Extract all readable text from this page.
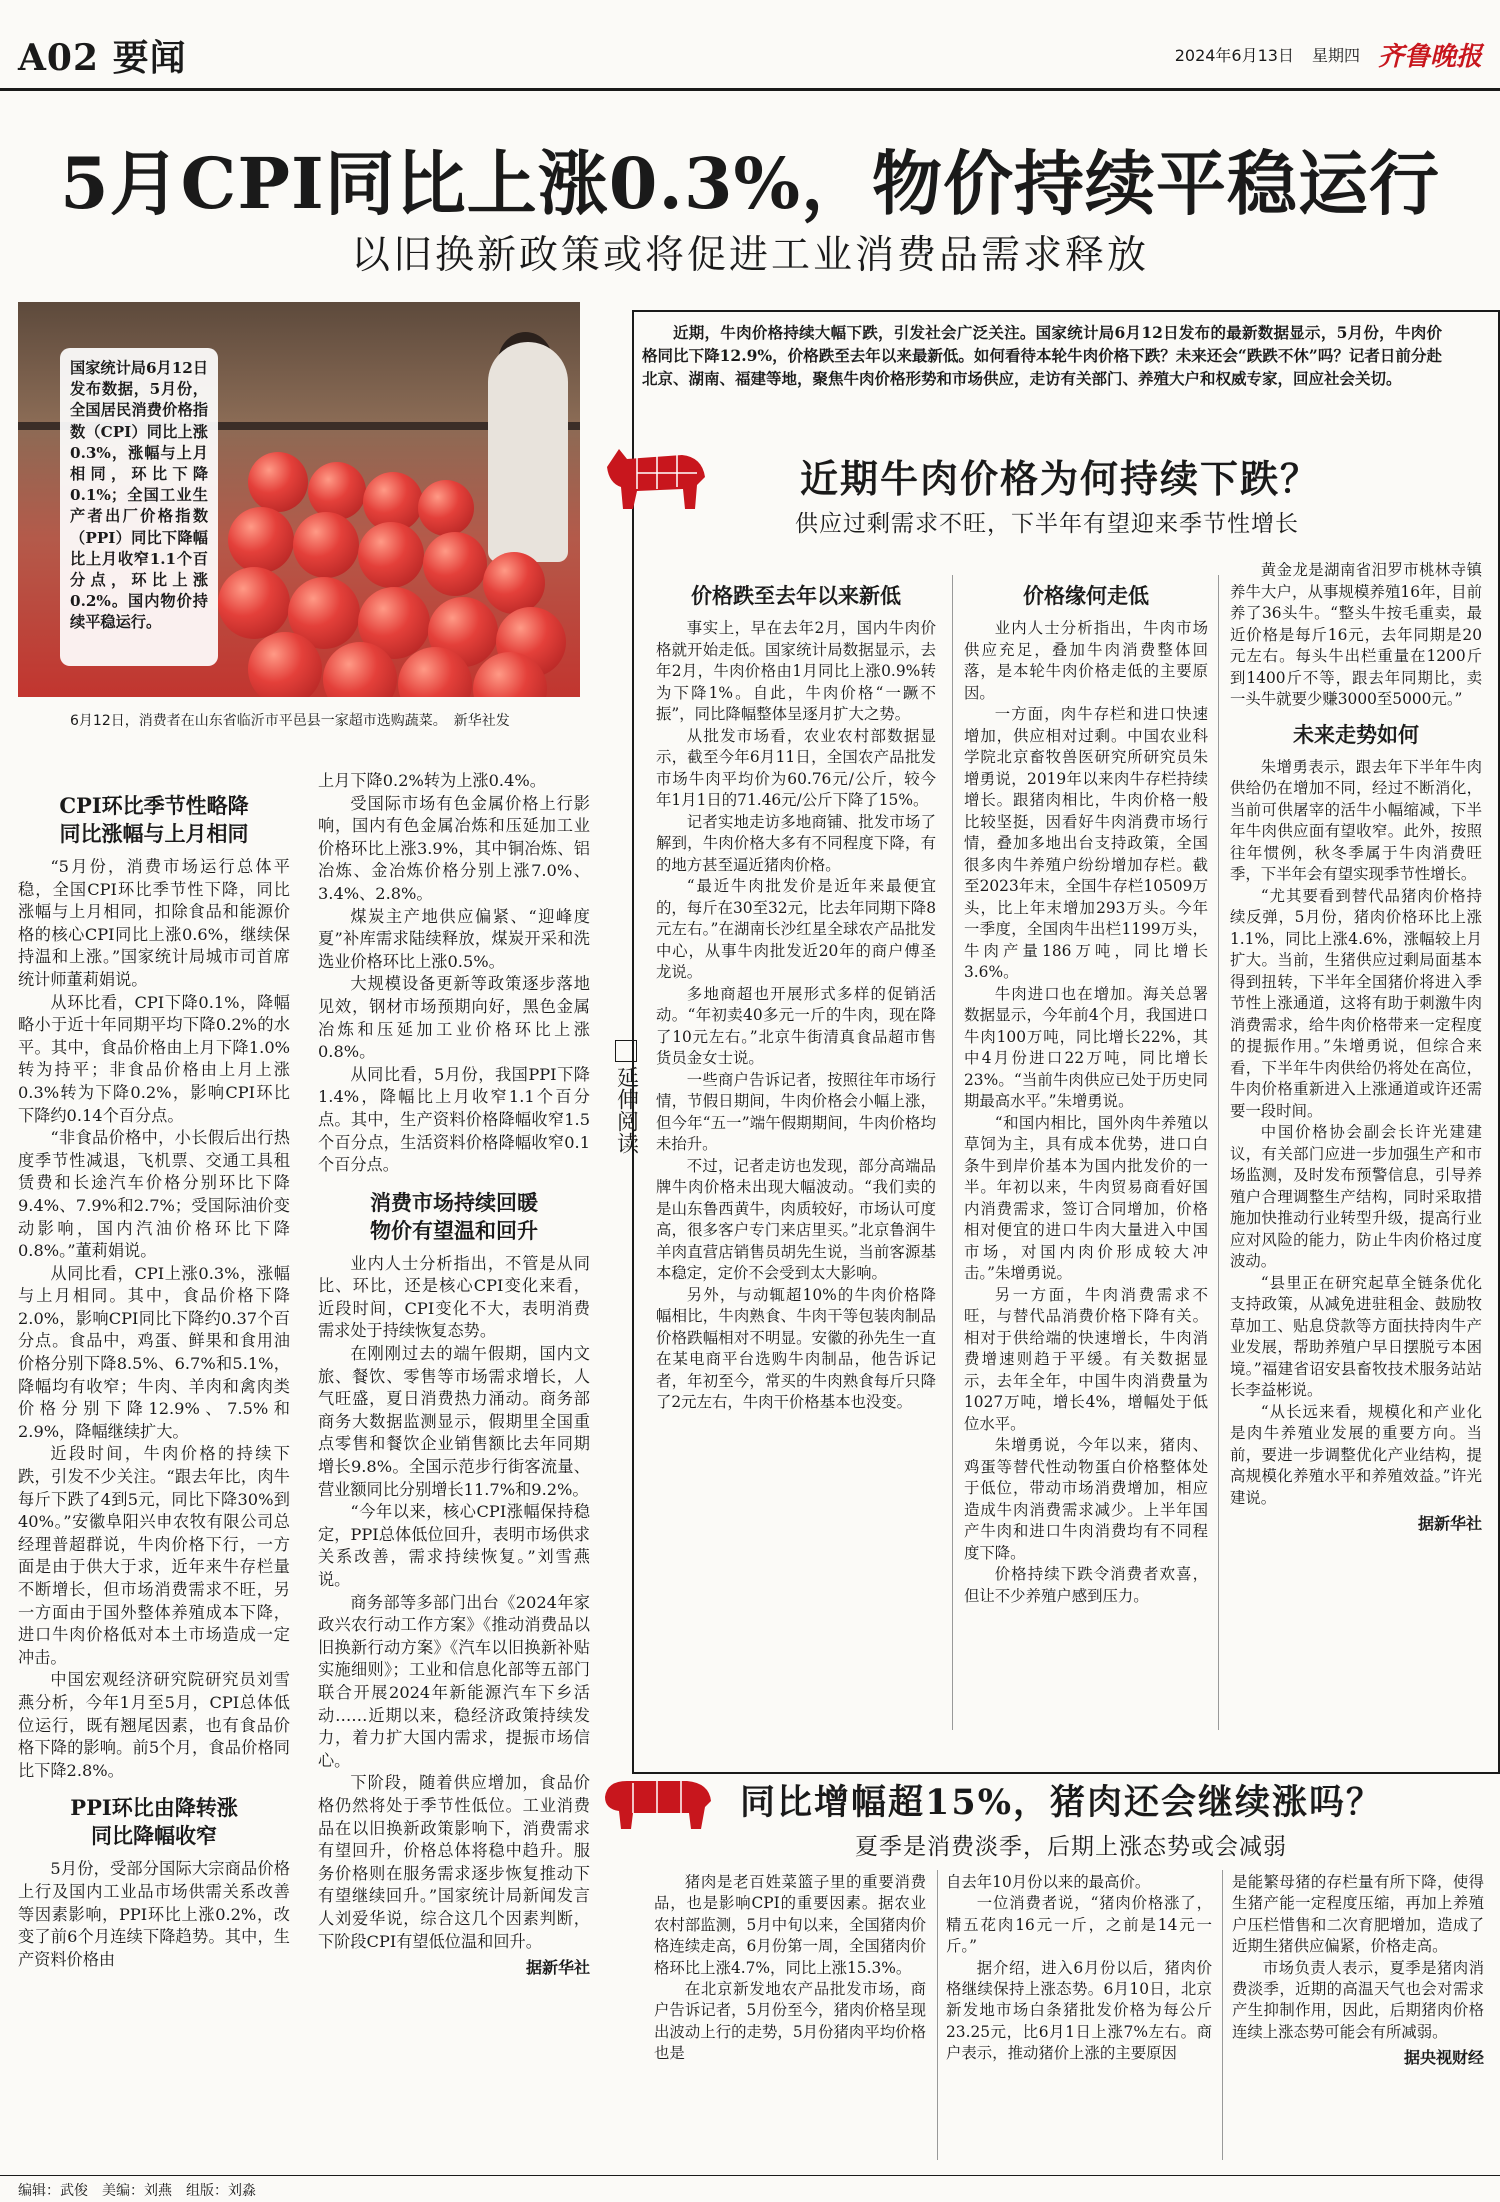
A02 要闻	2024年6月13日 星期四 齐鲁晚报
5月CPI同比上涨0.3%，物价持续平稳运行
以旧换新政策或将促进工业消费品需求释放
国家统计局6月12日发布数据，5月份，全国居民消费价格指数（CPI）同比上涨0.3%，涨幅与上月相同，环比下降0.1%；全国工业生产者出厂价格指数（PPI）同比下降幅比上月收窄1.1个百分点，环比上涨0.2%。国内物价持续平稳运行。
6月12日，消费者在山东省临沂市平邑县一家超市选购蔬菜。　新华社发
CPI环比季节性略降
同比涨幅与上月相同

“5月份，消费市场运行总体平稳，全国CPI环比季节性下降，同比涨幅与上月相同，扣除食品和能源价格的核心CPI同比上涨0.6%，继续保持温和上涨。”国家统计局城市司首席统计师董莉娟说。

从环比看，CPI下降0.1%，降幅略小于近十年同期平均下降0.2%的水平。其中，食品价格由上月下降1.0%转为持平；非食品价格由上月上涨0.3%转为下降0.2%，影响CPI环比下降约0.14个百分点。

“非食品价格中，小长假后出行热度季节性减退，飞机票、交通工具租赁费和长途汽车价格分别环比下降9.4%、7.9%和2.7%；受国际油价变动影响，国内汽油价格环比下降0.8%。”董莉娟说。

从同比看，CPI上涨0.3%，涨幅与上月相同。其中，食品价格下降2.0%，影响CPI同比下降约0.37个百分点。食品中，鸡蛋、鲜果和食用油价格分别下降8.5%、6.7%和5.1%，降幅均有收窄；牛肉、羊肉和禽肉类价格分别下降12.9%、7.5%和2.9%，降幅继续扩大。

近段时间，牛肉价格的持续下跌，引发不少关注。“跟去年比，肉牛每斤下跌了4到5元，同比下降30%到40%。”安徽阜阳兴申农牧有限公司总经理普超群说，牛肉价格下行，一方面是由于供大于求，近年来牛存栏量不断增长，但市场消费需求不旺，另一方面由于国外整体养殖成本下降，进口牛肉价格低对本土市场造成一定冲击。

中国宏观经济研究院研究员刘雪燕分析，今年1月至5月，CPI总体低位运行，既有翘尾因素，也有食品价格下降的影响。前5个月，食品价格同比下降2.8%。

PPI环比由降转涨
同比降幅收窄

5月份，受部分国际大宗商品价格上行及国内工业品市场供需关系改善等因素影响，PPI环比上涨0.2%，改变了前6个月连续下降趋势。其中，生产资料价格由

上月下降0.2%转为上涨0.4%。

受国际市场有色金属价格上行影响，国内有色金属冶炼和压延加工业价格环比上涨3.9%，其中铜冶炼、铝冶炼、金冶炼价格分别上涨7.0%、3.4%、2.8%。

煤炭主产地供应偏紧、“迎峰度夏”补库需求陆续释放，煤炭开采和洗选业价格环比上涨0.5%。

大规模设备更新等政策逐步落地见效，钢材市场预期向好，黑色金属冶炼和压延加工业价格环比上涨0.8%。

从同比看，5月份，我国PPI下降1.4%，降幅比上月收窄1.1个百分点。其中，生产资料价格降幅收窄1.5个百分点，生活资料价格降幅收窄0.1个百分点。

消费市场持续回暖
物价有望温和回升

业内人士分析指出，不管是从同比、环比，还是核心CPI变化来看，近段时间，CPI变化不大，表明消费需求处于持续恢复态势。

在刚刚过去的端午假期，国内文旅、餐饮、零售等市场需求增长，人气旺盛，夏日消费热力涌动。商务部商务大数据监测显示，假期里全国重点零售和餐饮企业销售额比去年同期增长9.8%。全国示范步行街客流量、营业额同比分别增长11.7%和9.2%。

“今年以来，核心CPI涨幅保持稳定，PPI总体低位回升，表明市场供求关系改善，需求持续恢复。”刘雪燕说。

商务部等多部门出台《2024年家政兴农行动工作方案》《推动消费品以旧换新行动方案》《汽车以旧换新补贴实施细则》；工业和信息化部等五部门联合开展2024年新能源汽车下乡活动……近期以来，稳经济政策持续发力，着力扩大国内需求，提振市场信心。

下阶段，随着供应增加，食品价格仍然将处于季节性低位。工业消费品在以旧换新政策影响下，消费需求有望回升，价格总体将稳中趋升。服务价格则在服务需求逐步恢复推动下有望继续回升。”国家统计局新闻发言人刘爱华说，综合这几个因素判断，下阶段CPI有望低位温和回升。

据新华社
近期，牛肉价格持续大幅下跌，引发社会广泛关注。国家统计局6月12日发布的最新数据显示，5月份，牛肉价格同比下降12.9%，价格跌至去年以来最新低。如何看待本轮牛肉价格下跌？未来还会“跌跌不休”吗？记者日前分赴北京、湖南、福建等地，聚焦牛肉价格形势和市场供应，走访有关部门、养殖大户和权威专家，回应社会关切。
近期牛肉价格为何持续下跌？
供应过剩需求不旺，下半年有望迎来季节性增长
延伸阅读
价格跌至去年以来新低

事实上，早在去年2月，国内牛肉价格就开始走低。国家统计局数据显示，去年2月，牛肉价格由1月同比上涨0.9%转为下降1%。自此，牛肉价格“一蹶不振”，同比降幅整体呈逐月扩大之势。

从批发市场看，农业农村部数据显示，截至今年6月11日，全国农产品批发市场牛肉平均价为60.76元/公斤，较今年1月1日的71.46元/公斤下降了15%。

记者实地走访多地商铺、批发市场了解到，牛肉价格大多有不同程度下降，有的地方甚至逼近猪肉价格。

“最近牛肉批发价是近年来最便宜的，每斤在30至32元，比去年同期下降8元左右。”在湖南长沙红星全球农产品批发中心，从事牛肉批发近20年的商户傅圣龙说。

多地商超也开展形式多样的促销活动。“年初卖40多元一斤的牛肉，现在降了10元左右。”北京牛街清真食品超市售货员金女士说。

一些商户告诉记者，按照往年市场行情，节假日期间，牛肉价格会小幅上涨，但今年“五一”端午假期期间，牛肉价格均未抬升。

不过，记者走访也发现，部分高端品牌牛肉价格未出现大幅波动。“我们卖的是山东鲁西黄牛，肉质较好，市场认可度高，很多客户专门来店里买。”北京鲁润牛羊肉直营店销售员胡先生说，当前客源基本稳定，定价不会受到太大影响。

另外，与动辄超10%的牛肉价格降幅相比，牛肉熟食、牛肉干等包装肉制品价格跌幅相对不明显。安徽的孙先生一直在某电商平台选购牛肉制品，他告诉记者，年初至今，常买的牛肉熟食每斤只降了2元左右，牛肉干价格基本也没变。

价格缘何走低

业内人士分析指出，牛肉市场供应充足，叠加牛肉消费整体回落，是本轮牛肉价格走低的主要原因。

一方面，肉牛存栏和进口快速增加，供应相对过剩。中国农业科学院北京畜牧兽医研究所研究员朱增勇说，2019年以来肉牛存栏持续增长。跟猪肉相比，牛肉价格一般比较坚挺，因看好牛肉消费市场行情，叠加多地出台支持政策，全国很多肉牛养殖户纷纷增加存栏。截至2023年末，全国牛存栏10509万头，比上年末增加293万头。今年一季度，全国肉牛出栏1199万头，牛肉产量186万吨，同比增长3.6%。

牛肉进口也在增加。海关总署数据显示，今年前4个月，我国进口牛肉100万吨，同比增长22%，其中4月份进口22万吨，同比增长23%。“当前牛肉供应已处于历史同期最高水平。”朱增勇说。

“和国内相比，国外肉牛养殖以草饲为主，具有成本优势，进口白条牛到岸价基本为国内批发价的一半。年初以来，牛肉贸易商看好国内消费需求，签订合同增加，价格相对便宜的进口牛肉大量进入中国市场，对国内肉价形成较大冲击。”朱增勇说。

另一方面，牛肉消费需求不旺，与替代品消费价格下降有关。相对于供给端的快速增长，牛肉消费增速则趋于平缓。有关数据显示，去年全年，中国牛肉消费量为1027万吨，增长4%，增幅处于低位水平。

朱增勇说，今年以来，猪肉、鸡蛋等替代性动物蛋白价格整体处于低位，带动市场消费增加，相应造成牛肉消费需求减少。上半年国产牛肉和进口牛肉消费均有不同程度下降。

价格持续下跌令消费者欢喜，但让不少养殖户感到压力。

黄金龙是湖南省汨罗市桃林寺镇养牛大户，从事规模养殖16年，目前养了36头牛。“整头牛按毛重卖，最近价格是每斤16元，去年同期是20元左右。每头牛出栏重量在1200斤到1400斤不等，跟去年同期比，卖一头牛就要少赚3000至5000元。”

未来走势如何

朱增勇表示，跟去年下半年牛肉供给仍在增加不同，经过不断消化，当前可供屠宰的活牛小幅缩减，下半年牛肉供应面有望收窄。此外，按照往年惯例，秋冬季属于牛肉消费旺季，下半年会有望实现季节性增长。

“尤其要看到替代品猪肉价格持续反弹，5月份，猪肉价格环比上涨1.1%，同比上涨4.6%，涨幅较上月扩大。当前，生猪供应过剩局面基本得到扭转，下半年全国猪价将进入季节性上涨通道，这将有助于刺激牛肉消费需求，给牛肉价格带来一定程度的提振作用。”朱增勇说，但综合来看，下半年牛肉供给仍将处在高位，牛肉价格重新进入上涨通道或许还需要一段时间。

中国价格协会副会长许光建建议，有关部门应进一步加强生产和市场监测，及时发布预警信息，引导养殖户合理调整生产结构，同时采取措施加快推动行业转型升级，提高行业应对风险的能力，防止牛肉价格过度波动。

“县里正在研究起草全链条优化支持政策，从减免进驻租金、鼓励牧草加工、贴息贷款等方面扶持肉牛产业发展，帮助养殖户早日摆脱亏本困境。”福建省诏安县畜牧技术服务站站长李益彬说。

“从长远来看，规模化和产业化是肉牛养殖业发展的重要方向。当前，要进一步调整优化产业结构，提高规模化养殖水平和养殖效益。”许光建说。

据新华社
同比增幅超15%，猪肉还会继续涨吗？
夏季是消费淡季，后期上涨态势或会减弱

猪肉是老百姓菜篮子里的重要消费品，也是影响CPI的重要因素。据农业农村部监测，5月中旬以来，全国猪肉价格连续走高，6月份第一周，全国猪肉价格环比上涨4.7%，同比上涨15.3%。

在北京新发地农产品批发市场，商户告诉记者，5月份至今，猪肉价格呈现出波动上行的走势，5月份猪肉平均价格也是

自去年10月份以来的最高价。

一位消费者说，“猪肉价格涨了，精五花肉16元一斤，之前是14元一斤。”

据介绍，进入6月份以后，猪肉价格继续保持上涨态势。6月10日，北京新发地市场白条猪批发价格为每公斤23.25元，比6月1日上涨7%左右。商户表示，推动猪价上涨的主要原因

是能繁母猪的存栏量有所下降，使得生猪产能一定程度压缩，再加上养殖户压栏惜售和二次育肥增加，造成了近期生猪供应偏紧，价格走高。

市场负责人表示，夏季是猪肉消费淡季，近期的高温天气也会对需求产生抑制作用，因此，后期猪肉价格连续上涨态势可能会有所减弱。

据央视财经
编辑：武俊　美编：刘燕　组版：刘淼
